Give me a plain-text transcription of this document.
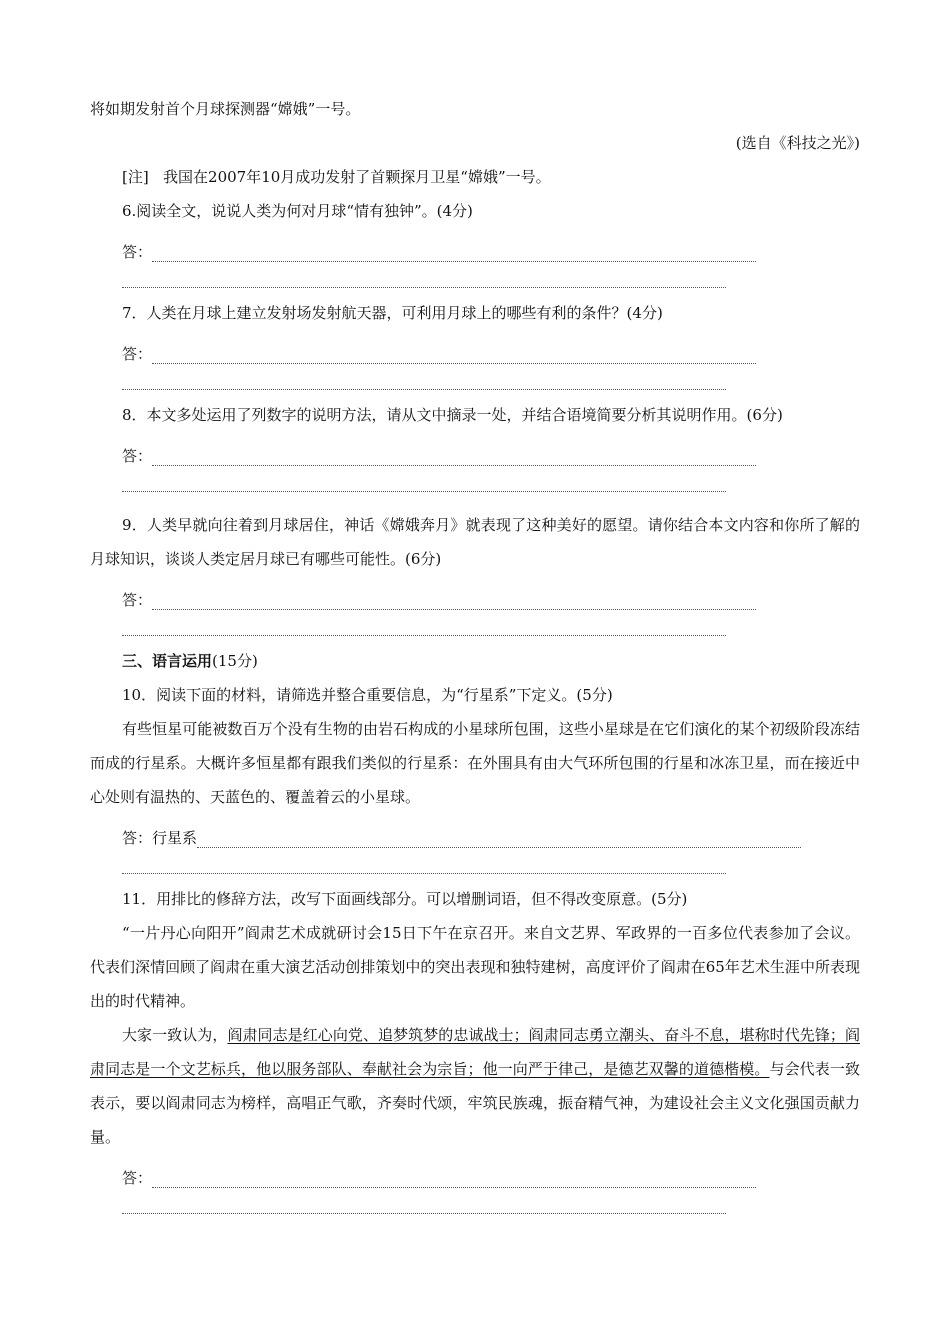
将如期发射首个月球探测器“嫦娥”一号。
(选自《科技之光》)
[注] 我国在2007年10月成功发射了首颗探月卫星“嫦娥”一号。
6.阅读全文，说说人类为何对月球“情有独钟”。(4分)
答：
7．人类在月球上建立发射场发射航天器，可利用月球上的哪些有利的条件？(4分)
答：
8．本文多处运用了列数字的说明方法，请从文中摘录一处，并结合语境简要分析其说明作用。(6分)
答：

9．人类早就向往着到月球居住，神话《嫦娥奔月》就表现了这种美好的愿望。请你结合本文内容和你所了解的月球知识，谈谈人类定居月球已有哪些可能性。(6分)

答：
三、语言运用(15分)
10．阅读下面的材料，请筛选并整合重要信息，为“行星系”下定义。(5分)

有些恒星可能被数百万个没有生物的由岩石构成的小星球所包围，这些小星球是在它们演化的某个初级阶段冻结而成的行星系。大概许多恒星都有跟我们类似的行星系：在外围具有由大气环所包围的行星和冰冻卫星，而在接近中心处则有温热的、天蓝色的、覆盖着云的小星球。

答：行星系
11．用排比的修辞方法，改写下面画线部分。可以增删词语，但不得改变原意。(5分)

“一片丹心向阳开”阎肃艺术成就研讨会15日下午在京召开。来自文艺界、军政界的一百多位代表参加了会议。代表们深情回顾了阎肃在重大演艺活动创排策划中的突出表现和独特建树，高度评价了阎肃在65年艺术生涯中所表现出的时代精神。

大家一致认为，阎肃同志是红心向党、追梦筑梦的忠诚战士；阎肃同志勇立潮头、奋斗不息，堪称时代先锋；阎肃同志是一个文艺标兵，他以服务部队、奉献社会为宗旨；他一向严于律己，是德艺双馨的道德楷模。与会代表一致表示，要以阎肃同志为榜样，高唱正气歌，齐奏时代颂，牢筑民族魂，振奋精气神，为建设社会主义文化强国贡献力量。

答：
